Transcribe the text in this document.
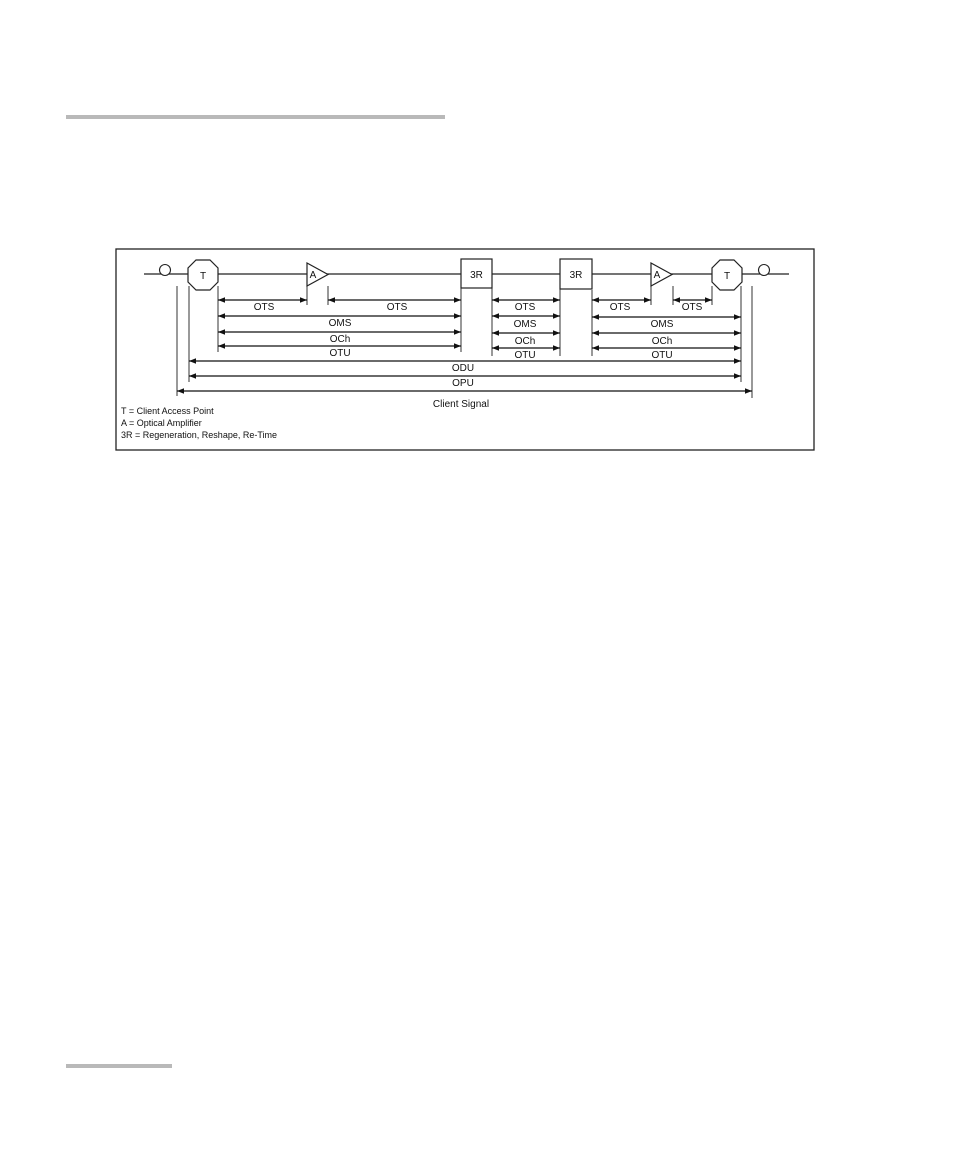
T	T
A	A
3R	3R
OTS	OTS
OMS
OCh
OTU
OTS
OMS
OCh
OTU
OTS	OTS
OMS
OCh
OTU
ODU
OPU
Client Signal
T = Client Access Point
A = Optical Amplifier
3R = Regeneration, Reshape, Re-Time
